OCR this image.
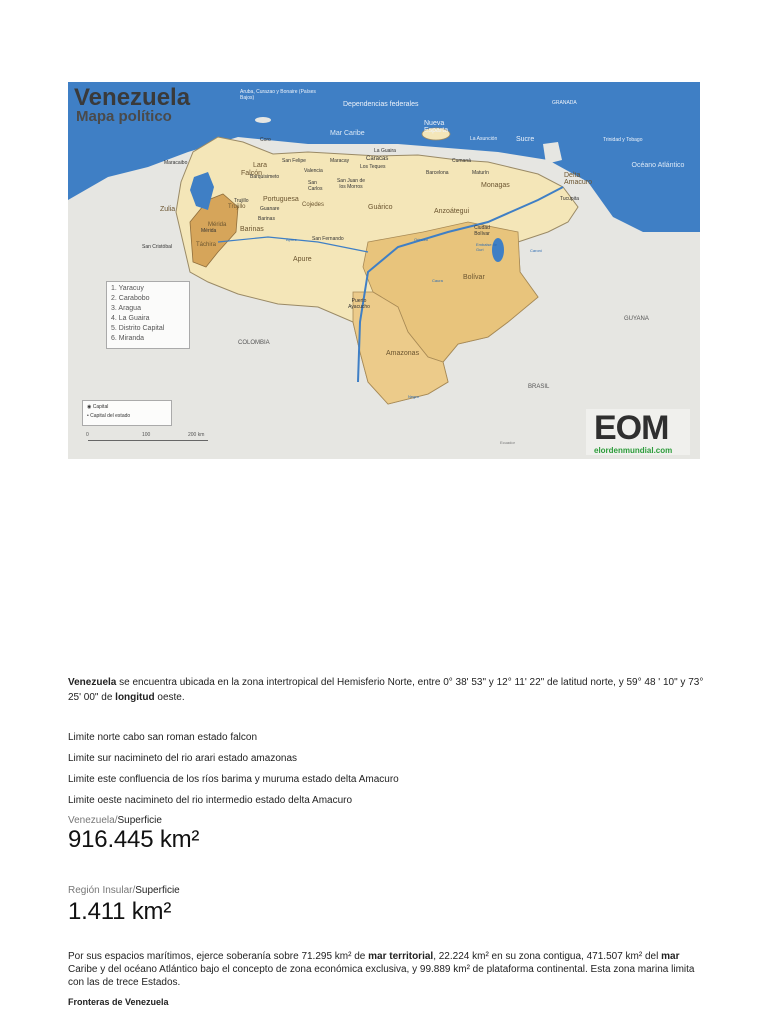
Venezuela
Mapa político
Mar Caribe
Océano Atlántico
Aruba, Curazao y Bonaire (Países Bajos)
Dependencias federales
Nueva Esparta
La Asunción	Trinidad y Tobago
COLOMBIA
BRASIL
GUYANA
GRANADA
Ecuador
Falcón
Lara
Zulia	Trujillo
Mérida
Táchira
Barinas
Portuguesa
Cojedes	Guárico
Apure
Anzoátegui
Monagas
Sucre
Delta Amacuro
Bolívar
Amazonas
Coro
Maracaibo
Barquisimeto
San Felipe
Valencia
Maracay	Caracas
Los Teques
La Guaira
San Carlos
San Juan de los Morros
Guanare
Trujillo
Mérida
San Cristóbal
Barinas
San Fernando
Barcelona
Cumaná
Maturín
Tucupita
Ciudad Bolívar
Puerto Ayacucho
Apure	Orinoco
Embalse de Guri	Caroní
Caura
Negro
1. Yaracuy
2. Carabobo
3. Aragua
4. La Guaira
5. Distrito Capital
6. Miranda
◉ Capital
• Capital del estado
0	100	200 km	EOM
elordenmundial.com
Venezuela se encuentra ubicada en la zona intertropical del Hemisferio Norte, entre 0° 38' 53" y 12° 11' 22" de latitud norte, y 59° 48 ' 10" y 73° 25' 00" de longitud oeste.
Limite norte cabo san roman estado falcon
Limite sur nacimineto del rio arari estado amazonas
Limite este confluencia de los ríos barima y muruma estado delta Amacuro
Limite oeste nacimineto del rio intermedio estado delta Amacuro
Venezuela/Superficie
916.445 km²
Región Insular/Superficie
1.411 km²
Por sus espacios marítimos, ejerce soberanía sobre 71.295 km² de mar territorial, 22.224 km² en su zona contigua, 471.507 km² del mar Caribe y del océano Atlántico bajo el concepto de zona económica exclusiva, y 99.889 km² de plataforma continental. Esta zona marina limita con las de trece Estados.
Fronteras de Venezuela
